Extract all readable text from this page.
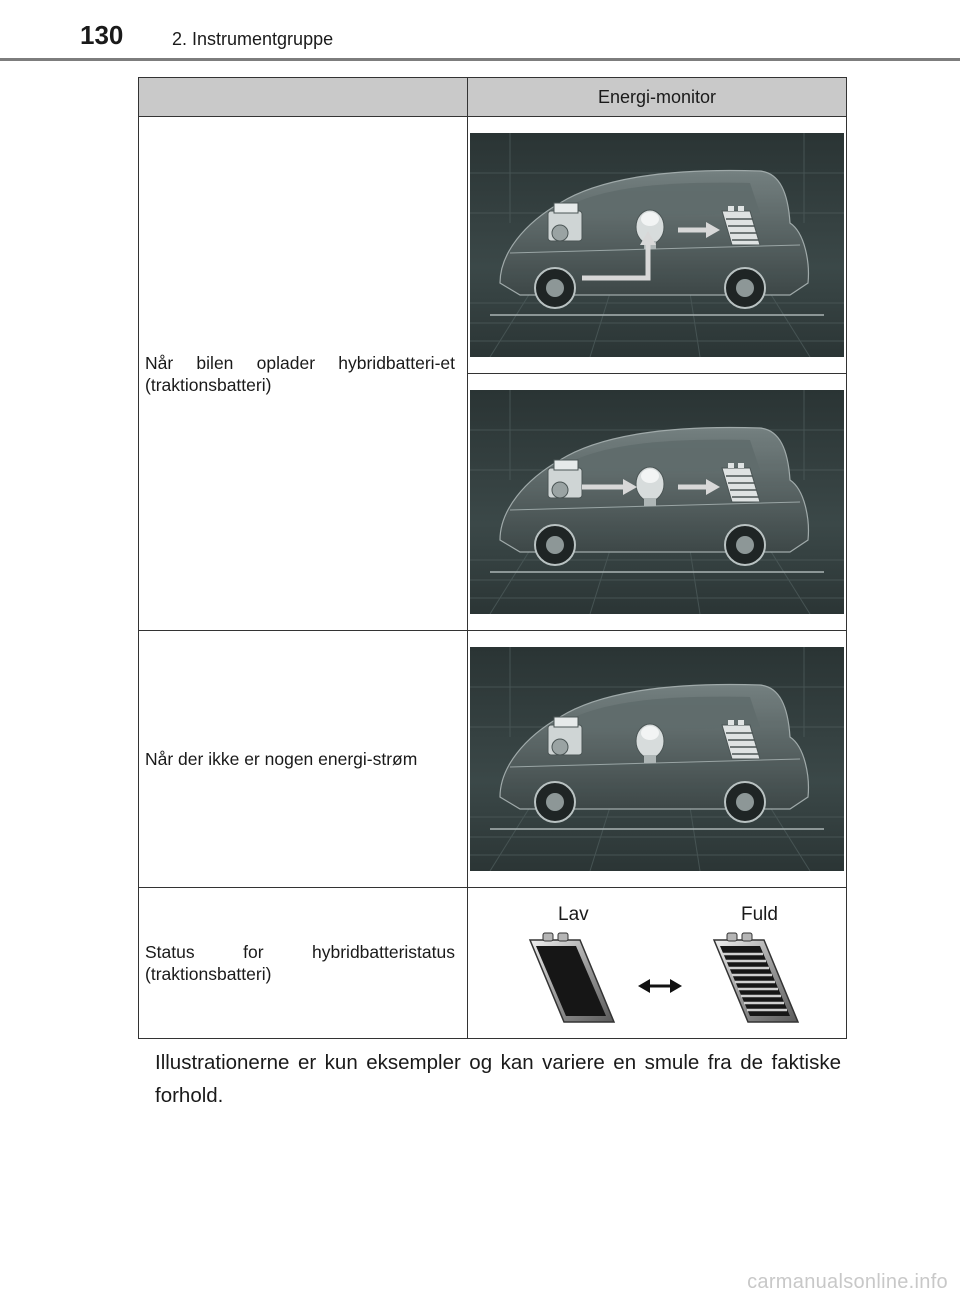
130	2. Instrumentgruppe
	Energi-monitor
Når bilen oplader hybridbatteri-et (traktionsbatteri)	

Når der ikke er nogen energi-strøm	

Status for hybridbatteristatus (traktionsbatteri)	Lav Fuld
Illustrationerne er kun eksempler og kan variere en smule fra de faktiske forhold.
carmanualsonline.info
